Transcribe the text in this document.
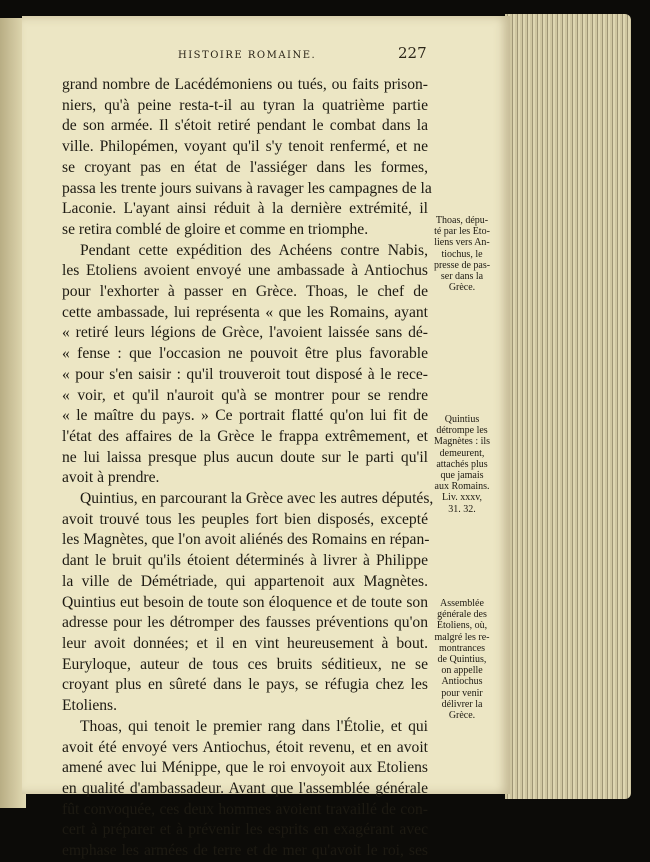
HISTOIRE ROMAINE.	227
grand nombre de Lacédémoniens ou tués, ou faits prison-
niers, qu'à peine resta-t-il au tyran la quatrième partie
de son armée. Il s'étoit retiré pendant le combat dans la
ville. Philopémen, voyant qu'il s'y tenoit renfermé, et ne
se croyant pas en état de l'assiéger dans les formes,
passa les trente jours suivans à ravager les campagnes de la
Laconie. L'ayant ainsi réduit à la dernière extrémité, il
se retira comblé de gloire et comme en triomphe.
Pendant cette expédition des Achéens contre Nabis,
les Etoliens avoient envoyé une ambassade à Antiochus
pour l'exhorter à passer en Grèce. Thoas, le chef de
cette ambassade, lui représenta « que les Romains, ayant
« retiré leurs légions de Grèce, l'avoient laissée sans dé-
« fense : que l'occasion ne pouvoit être plus favorable
« pour s'en saisir : qu'il trouveroit tout disposé à le rece-
« voir, et qu'il n'auroit qu'à se montrer pour se rendre
« le maître du pays. » Ce portrait flatté qu'on lui fit de
l'état des affaires de la Grèce le frappa extrêmement, et
ne lui laissa presque plus aucun doute sur le parti qu'il
avoit à prendre.
Quintius, en parcourant la Grèce avec les autres députés,
avoit trouvé tous les peuples fort bien disposés, excepté
les Magnètes, que l'on avoit aliénés des Romains en répan-
dant le bruit qu'ils étoient déterminés à livrer à Philippe
la ville de Démétriade, qui appartenoit aux Magnètes.
Quintius eut besoin de toute son éloquence et de toute son
adresse pour les détromper des fausses préventions qu'on
leur avoit données; et il en vint heureusement à bout.
Euryloque, auteur de tous ces bruits séditieux, ne se
croyant plus en sûreté dans le pays, se réfugia chez les
Etoliens.
Thoas, qui tenoit le premier rang dans l'Étolie, et qui
avoit été envoyé vers Antiochus, étoit revenu, et en avoit
amené avec lui Ménippe, que le roi envoyoit aux Etoliens
en qualité d'ambassadeur. Avant que l'assemblée générale
fût convoquée, ces deux hommes avoient travaillé de con-
cert à préparer et à prévenir les esprits en exagérant avec
emphase les armées de terre et de mer qu'avoit le roi, ses
Thoas, dépu-
té par les Eto-
liens vers An-
tiochus, le
presse de pas-
ser dans la
Grèce.
Quintius
détrompe les
Magnètes : ils
demeurent,
attachés plus
que jamais
aux Romains.
Liv. xxxv,
31. 32.
Assemblée
générale des
Étoliens, où,
malgré les re-
montrances
de Quintius,
on appelle
Antiochus
pour venir
délivrer la
Grèce.
